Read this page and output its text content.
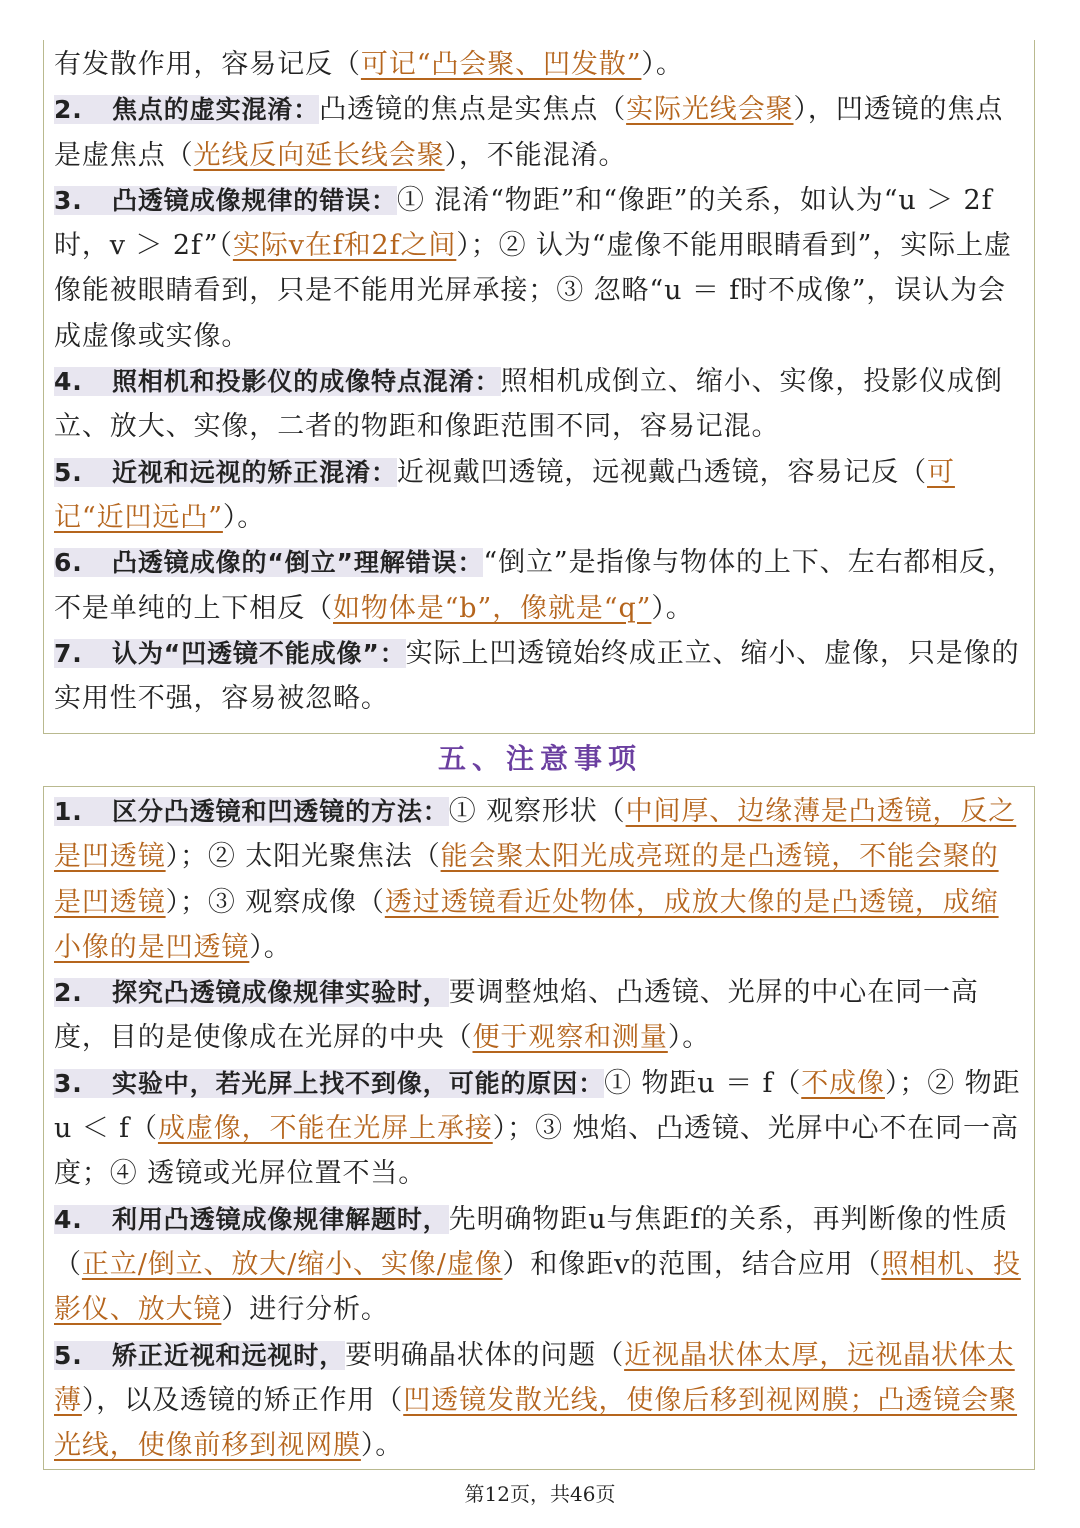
有发散作用，容易记反（可记“凸会聚、凹发散”）。

2. 焦点的虚实混淆：凸透镜的焦点是实焦点（实际光线会聚），凹透镜的焦点是虚焦点（光线反向延长线会聚），不能混淆。

3. 凸透镜成像规律的错误：① 混淆“物距”和“像距”的关系，如认为“u ＞ 2f时，v ＞ 2f”（实际v在f和2f之间）；② 认为“虚像不能用眼睛看到”，实际上虚像能被眼睛看到，只是不能用光屏承接；③ 忽略“u ＝ f时不成像”，误认为会成虚像或实像。

4. 照相机和投影仪的成像特点混淆：照相机成倒立、缩小、实像，投影仪成倒立、放大、实像，二者的物距和像距范围不同，容易记混。

5. 近视和远视的矫正混淆：近视戴凹透镜，远视戴凸透镜，容易记反（可记“近凹远凸”）。

6. 凸透镜成像的“倒立”理解错误：“倒立”是指像与物体的上下、左右都相反，不是单纯的上下相反（如物体是“b”，像就是“q”）。

7. 认为“凹透镜不能成像”：实际上凹透镜始终成正立、缩小、虚像，只是像的实用性不强，容易被忽略。

五、注意事项

1. 区分凸透镜和凹透镜的方法：① 观察形状（中间厚、边缘薄是凸透镜，反之是凹透镜）；② 太阳光聚焦法（能会聚太阳光成亮斑的是凸透镜，不能会聚的是凹透镜）；③ 观察成像（透过透镜看近处物体，成放大像的是凸透镜，成缩小像的是凹透镜）。

2. 探究凸透镜成像规律实验时，要调整烛焰、凸透镜、光屏的中心在同一高度，目的是使像成在光屏的中央（便于观察和测量）。

3. 实验中，若光屏上找不到像，可能的原因：① 物距u ＝ f（不成像）；② 物距u ＜ f（成虚像，不能在光屏上承接）；③ 烛焰、凸透镜、光屏中心不在同一高度；④ 透镜或光屏位置不当。

4. 利用凸透镜成像规律解题时，先明确物距u与焦距f的关系，再判断像的性质（正立/倒立、放大/缩小、实像/虚像）和像距v的范围，结合应用（照相机、投影仪、放大镜）进行分析。

5. 矫正近视和远视时，要明确晶状体的问题（近视晶状体太厚，远视晶状体太薄），以及透镜的矫正作用（凹透镜发散光线，使像后移到视网膜；凸透镜会聚光线，使像前移到视网膜）。

第12页，共46页
